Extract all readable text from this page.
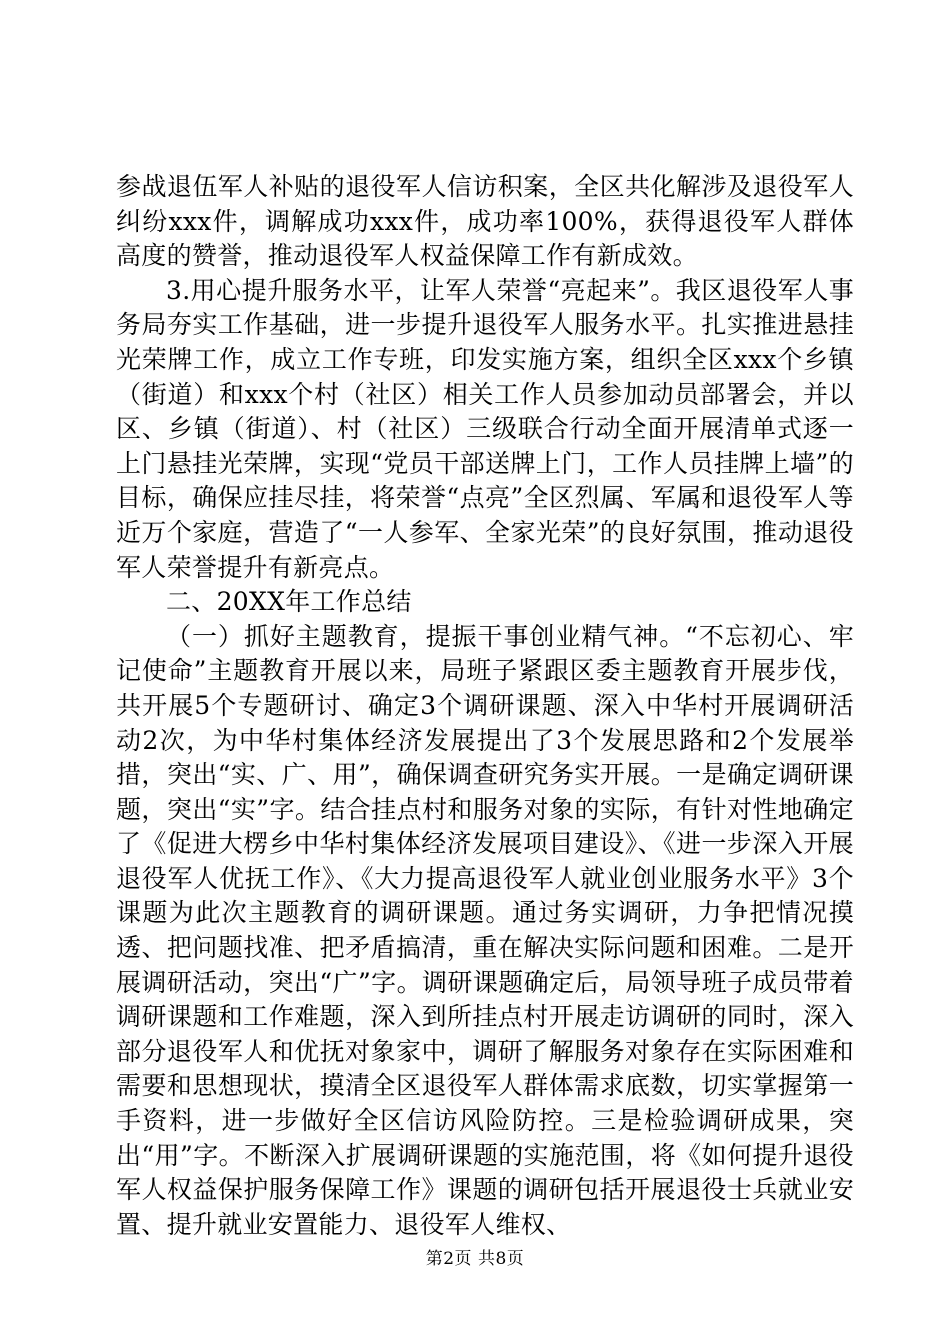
参战退伍军人补贴的退役军人信访积案，全区共化解涉及退役军人纠纷xxx件，调解成功xxx件，成功率100%，获得退役军人群体高度的赞誉，推动退役军人权益保障工作有新成效。

3.用心提升服务水平，让军人荣誉“亮起来”。我区退役军人事务局夯实工作基础，进一步提升退役军人服务水平。扎实推进悬挂光荣牌工作，成立工作专班，印发实施方案，组织全区xxx个乡镇（街道）和xxx个村（社区）相关工作人员参加动员部署会，并以区、乡镇（街道）、村（社区）三级联合行动全面开展清单式逐一上门悬挂光荣牌，实现“党员干部送牌上门，工作人员挂牌上墙”的目标，确保应挂尽挂，将荣誉“点亮”全区烈属、军属和退役军人等近万个家庭，营造了“一人参军、全家光荣”的良好氛围，推动退役军人荣誉提升有新亮点。

二、20XX年工作总结

（一）抓好主题教育，提振干事创业精气神。“不忘初心、牢记使命”主题教育开展以来，局班子紧跟区委主题教育开展步伐，共开展5个专题研讨、确定3个调研课题、深入中华村开展调研活动2次，为中华村集体经济发展提出了3个发展思路和2个发展举措，突出“实、广、用”，确保调查研究务实开展。一是确定调研课题，突出“实”字。结合挂点村和服务对象的实际，有针对性地确定了《促进大楞乡中华村集体经济发展项目建设》、《进一步深入开展退役军人优抚工作》、《大力提高退役军人就业创业服务水平》3个课题为此次主题教育的调研课题。通过务实调研，力争把情况摸透、把问题找准、把矛盾搞清，重在解决实际问题和困难。二是开展调研活动，突出“广”字。调研课题确定后，局领导班子成员带着调研课题和工作难题，深入到所挂点村开展走访调研的同时，深入部分退役军人和优抚对象家中，调研了解服务对象存在实际困难和需要和思想现状，摸清全区退役军人群体需求底数，切实掌握第一手资料，进一步做好全区信访风险防控。三是检验调研成果，突出“用”字。不断深入扩展调研课题的实施范围，将《如何提升退役军人权益保护服务保障工作》课题的调研包括开展退役士兵就业安置、提升就业安置能力、退役军人维权、

第2页 共8页
